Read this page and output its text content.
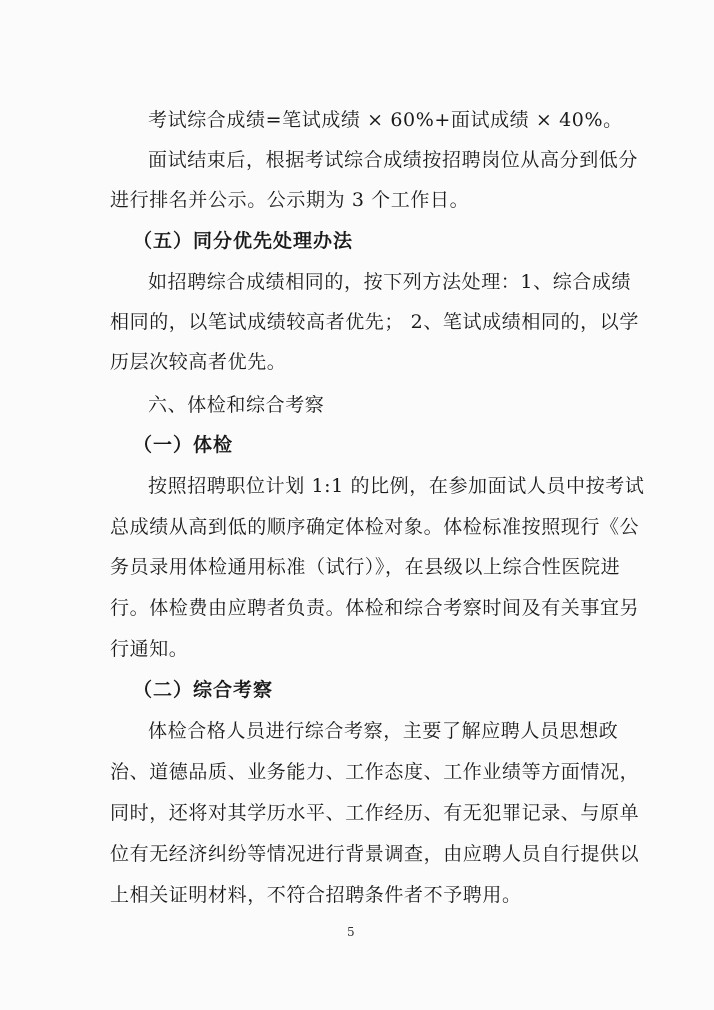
考试综合成绩=笔试成绩 × 60%+面试成绩 × 40%。
面试结束后，根据考试综合成绩按招聘岗位从高分到低分
进行排名并公示。公示期为 3 个工作日。
（五）同分优先处理办法
如招聘综合成绩相同的，按下列方法处理：1、综合成绩
相同的，以笔试成绩较高者优先； 2、笔试成绩相同的，以学
历层次较高者优先。
六、体检和综合考察
（一）体检
按照招聘职位计划 1:1 的比例，在参加面试人员中按考试
总成绩从高到低的顺序确定体检对象。体检标准按照现行《公
务员录用体检通用标准（试行）》，在县级以上综合性医院进
行。体检费由应聘者负责。体检和综合考察时间及有关事宜另
行通知。
（二）综合考察
体检合格人员进行综合考察，主要了解应聘人员思想政
治、道德品质、业务能力、工作态度、工作业绩等方面情况，
同时，还将对其学历水平、工作经历、有无犯罪记录、与原单
位有无经济纠纷等情况进行背景调查，由应聘人员自行提供以
上相关证明材料，不符合招聘条件者不予聘用。
5
